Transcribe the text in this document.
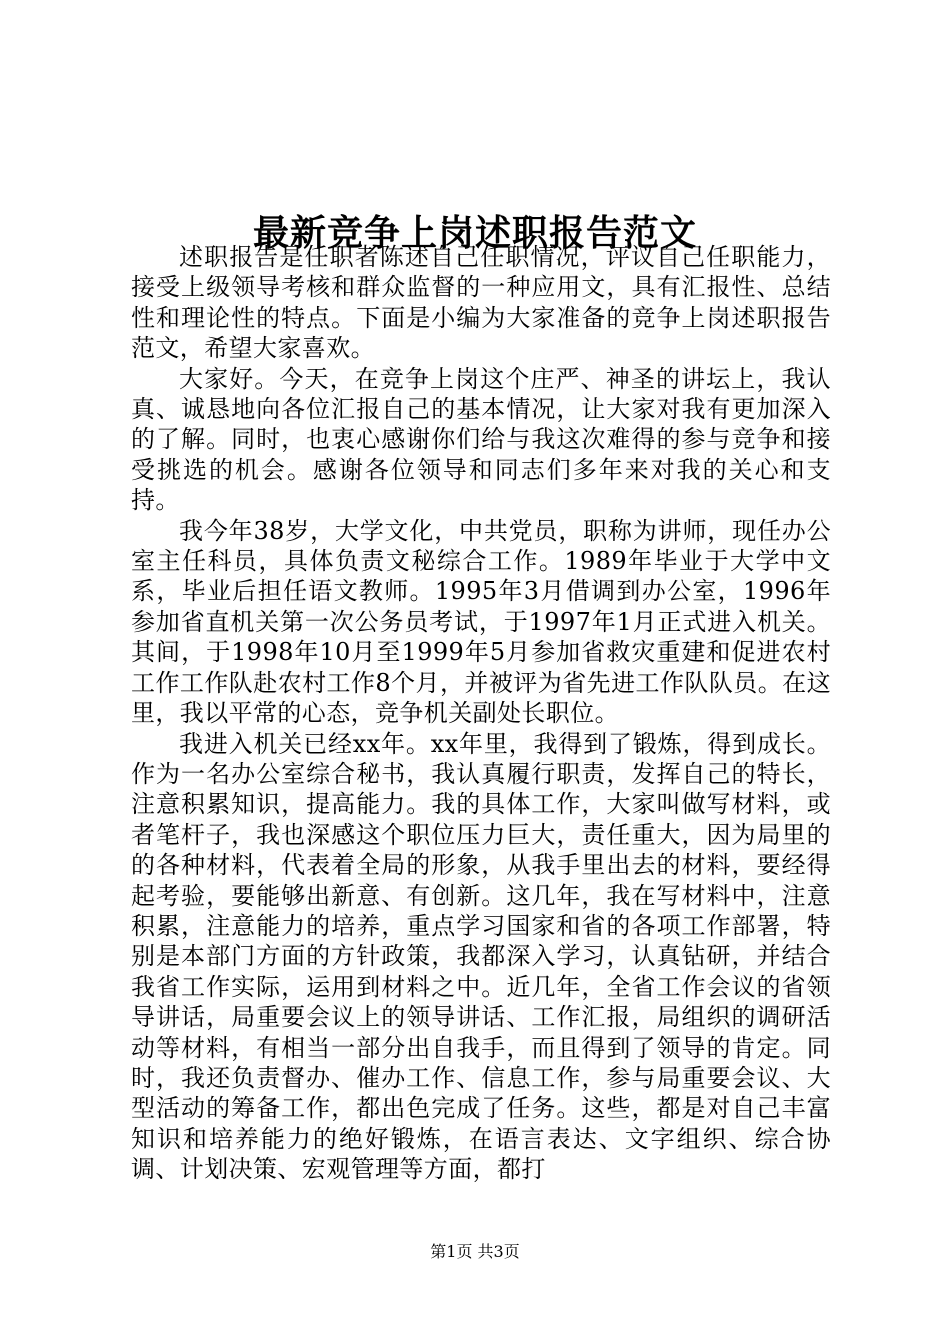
最新竞争上岗述职报告范文

述职报告是任职者陈述自己任职情况，评议自己任职能力，接受上级领导考核和群众监督的一种应用文，具有汇报性、总结性和理论性的特点。下面是小编为大家准备的竞争上岗述职报告范文，希望大家喜欢。

大家好。今天，在竞争上岗这个庄严、神圣的讲坛上，我认真、诚恳地向各位汇报自己的基本情况，让大家对我有更加深入的了解。同时，也衷心感谢你们给与我这次难得的参与竞争和接受挑选的机会。感谢各位领导和同志们多年来对我的关心和支持。

我今年38岁，大学文化，中共党员，职称为讲师，现任办公室主任科员，具体负责文秘综合工作。1989年毕业于大学中文系，毕业后担任语文教师。1995年3月借调到办公室，1996年参加省直机关第一次公务员考试，于1997年1月正式进入机关。其间，于1998年10月至1999年5月参加省救灾重建和促进农村工作工作队赴农村工作8个月，并被评为省先进工作队队员。在这里，我以平常的心态，竞争机关副处长职位。

我进入机关已经xx年。xx年里，我得到了锻炼，得到成长。作为一名办公室综合秘书，我认真履行职责，发挥自己的特长，注意积累知识，提高能力。我的具体工作，大家叫做写材料，或者笔杆子，我也深感这个职位压力巨大，责任重大，因为局里的的各种材料，代表着全局的形象，从我手里出去的材料，要经得起考验，要能够出新意、有创新。这几年，我在写材料中，注意积累，注意能力的培养，重点学习国家和省的各项工作部署，特别是本部门方面的方针政策，我都深入学习，认真钻研，并结合我省工作实际，运用到材料之中。近几年，全省工作会议的省领导讲话，局重要会议上的领导讲话、工作汇报，局组织的调研活动等材料，有相当一部分出自我手，而且得到了领导的肯定。同时，我还负责督办、催办工作、信息工作，参与局重要会议、大型活动的筹备工作，都出色完成了任务。这些，都是对自己丰富知识和培养能力的绝好锻炼，在语言表达、文字组织、综合协调、计划决策、宏观管理等方面，都打

第1页 共3页
